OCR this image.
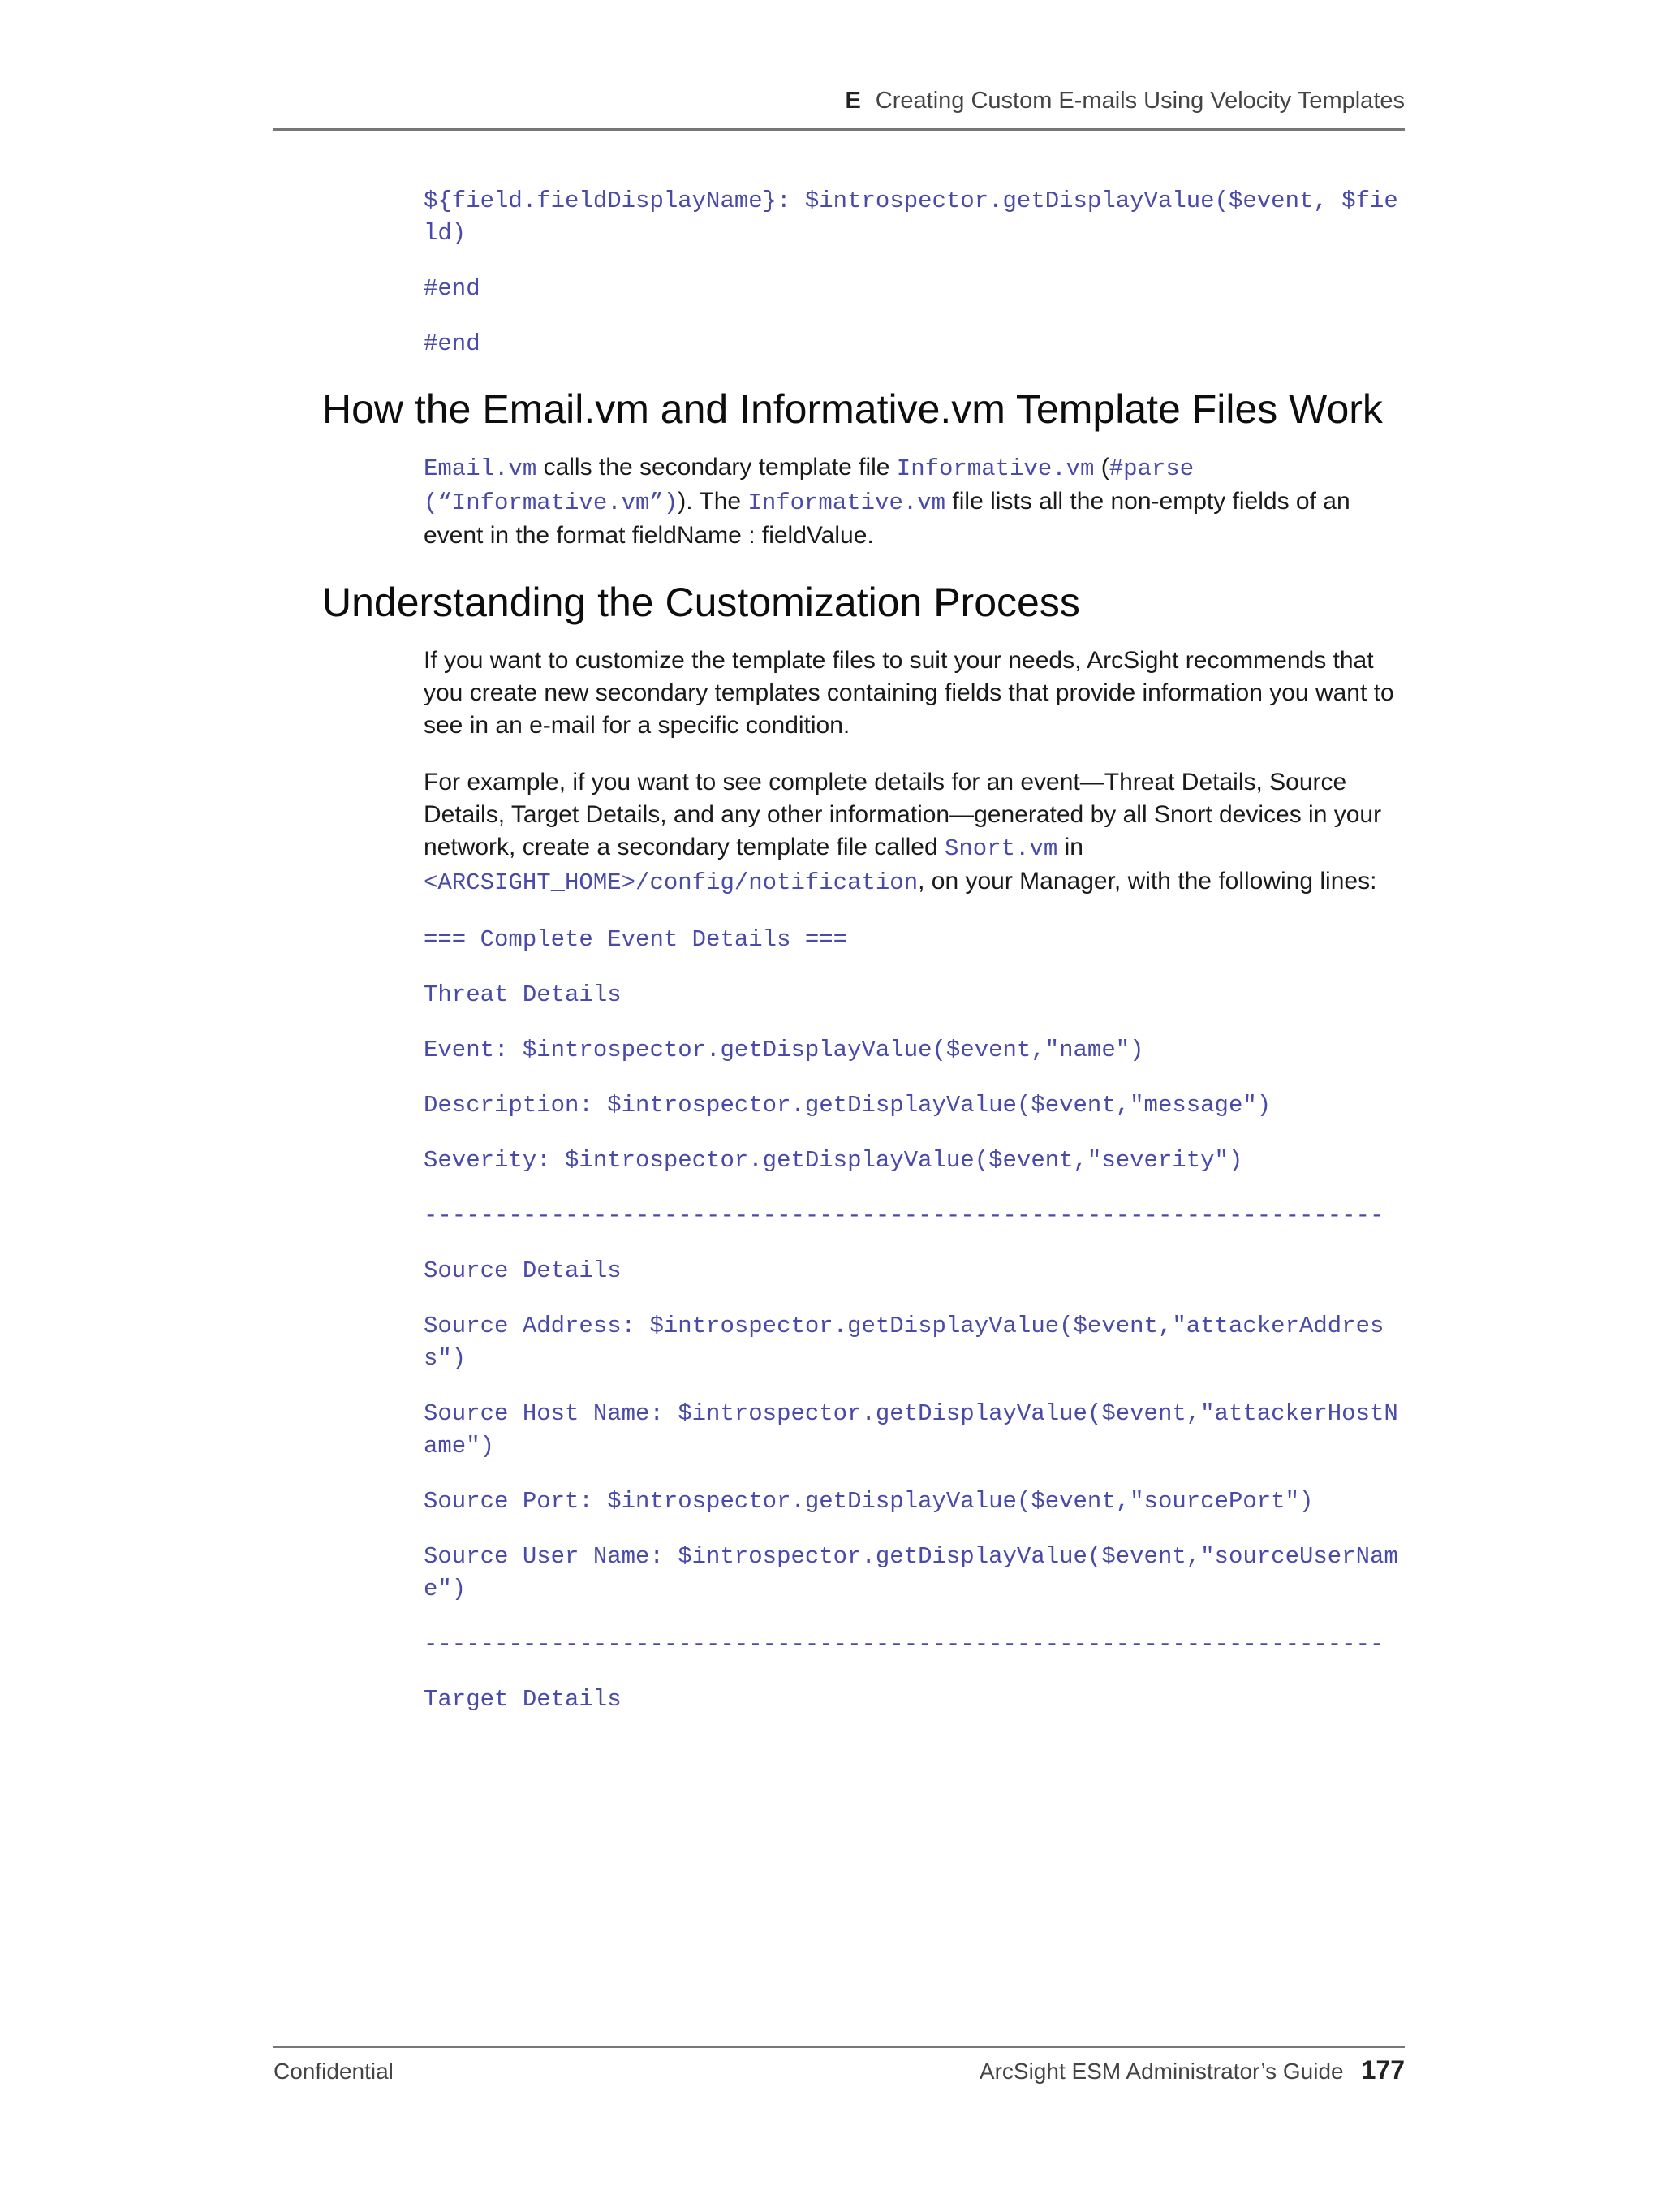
E Creating Custom E-mails Using Velocity Templates
${field.fieldDisplayName}: $introspector.getDisplayValue($event, $field)
#end
#end
How the Email.vm and Informative.vm Template Files Work
Email.vm calls the secondary template file Informative.vm (#parse (“Informative.vm”)). The Informative.vm file lists all the non-empty fields of an event in the format fieldName : fieldValue.
Understanding the Customization Process
If you want to customize the template files to suit your needs, ArcSight recommends that you create new secondary templates containing fields that provide information you want to see in an e-mail for a specific condition.
For example, if you want to see complete details for an event—Threat Details, Source Details, Target Details, and any other information—generated by all Snort devices in your network, create a secondary template file called Snort.vm in <ARCSIGHT_HOME>/config/notification, on your Manager, with the following lines:
=== Complete Event Details ===
Threat Details
Event: $introspector.getDisplayValue($event,"name")
Description: $introspector.getDisplayValue($event,"message")
Severity: $introspector.getDisplayValue($event,"severity")
--------------------------------------------------------------------
Source Details
Source Address: $introspector.getDisplayValue($event,"attackerAddress")
Source Host Name: $introspector.getDisplayValue($event,"attackerHostName")
Source Port: $introspector.getDisplayValue($event,"sourcePort")
Source User Name: $introspector.getDisplayValue($event,"sourceUserName")
--------------------------------------------------------------------
Target Details
Confidential	ArcSight ESM Administrator’s Guide 177
